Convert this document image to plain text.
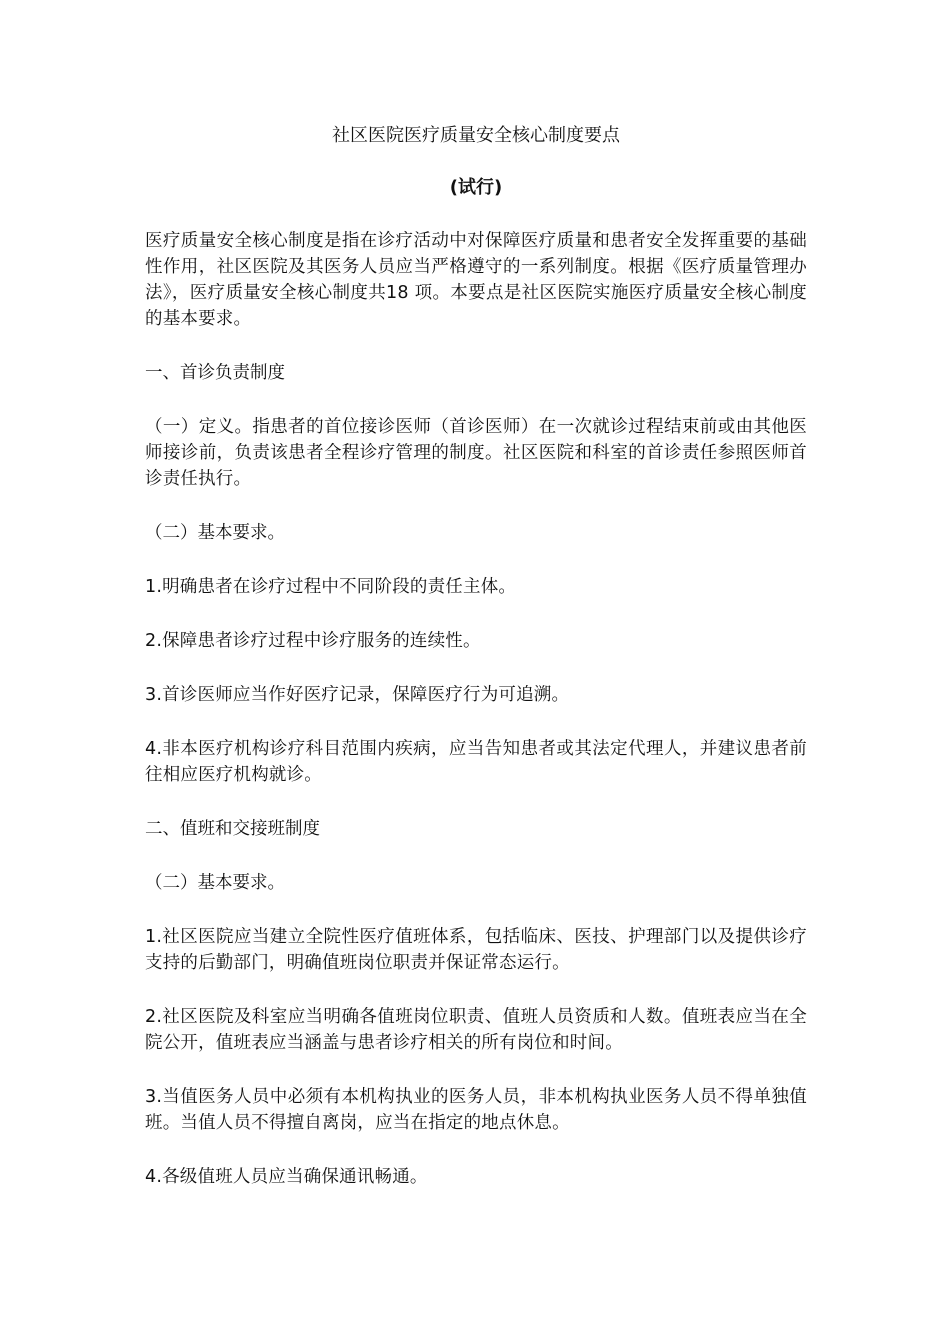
社区医院医疗质量安全核心制度要点
(试行)

医疗质量安全核心制度是指在诊疗活动中对保障医疗质量和患者安全发挥重要的基础性作用，社区医院及其医务人员应当严格遵守的一系列制度。根据《医疗质量管理办法》，医疗质量安全核心制度共18 项。本要点是社区医院实施医疗质量安全核心制度的基本要求。

一、首诊负责制度

（一）定义。指患者的首位接诊医师（首诊医师）在一次就诊过程结束前或由其他医师接诊前，负责该患者全程诊疗管理的制度。社区医院和科室的首诊责任参照医师首诊责任执行。

（二）基本要求。

1.明确患者在诊疗过程中不同阶段的责任主体。

2.保障患者诊疗过程中诊疗服务的连续性。

3.首诊医师应当作好医疗记录，保障医疗行为可追溯。

4.非本医疗机构诊疗科目范围内疾病，应当告知患者或其法定代理人，并建议患者前往相应医疗机构就诊。

二、值班和交接班制度

（二）基本要求。

1.社区医院应当建立全院性医疗值班体系，包括临床、医技、护理部门以及提供诊疗支持的后勤部门，明确值班岗位职责并保证常态运行。

2.社区医院及科室应当明确各值班岗位职责、值班人员资质和人数。值班表应当在全院公开，值班表应当涵盖与患者诊疗相关的所有岗位和时间。

3.当值医务人员中必须有本机构执业的医务人员，非本机构执业医务人员不得单独值班。当值人员不得擅自离岗，应当在指定的地点休息。

4.各级值班人员应当确保通讯畅通。
